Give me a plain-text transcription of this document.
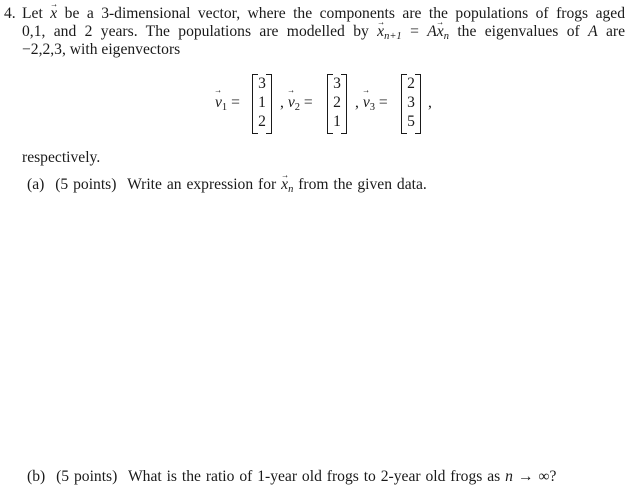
4. Let → x be a 3-dimensional vector, where the components are the populations of frogs aged
0,1, and 2 years. The populations are modelled by → $x_{n+1} = A\to x_n$ the eigenvalues of A are
−2,2,3, with eigenvectors
→ $v_1$ =
3
1
2
, → $v_2$ =
3
2
1
, → $v_3$ =
2
3
5
,
respectively.
(a) (5 points) Write an expression for → $x_n$ from the given data.
(b) (5 points) What is the ratio of 1-year old frogs to 2-year old frogs as n → ∞?
